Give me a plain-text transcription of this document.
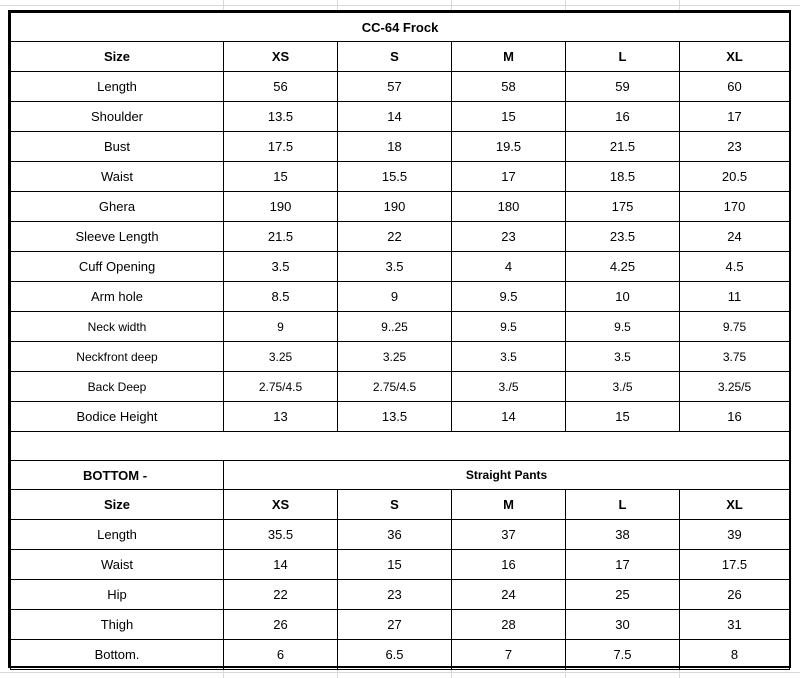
CC-64 Frock					
Size	XS	S	M	L	XL
Length	56	57	58	59	60
Shoulder	13.5	14	15	16	17
Bust	17.5	18	19.5	21.5	23
Waist	15	15.5	17	18.5	20.5
Ghera	190	190	180	175	170
Sleeve Length	21.5	22	23	23.5	24
Cuff Opening	3.5	3.5	4	4.25	4.5
Arm hole	8.5	9	9.5	10	11
Neck width	9	9..25	9.5	9.5	9.75
Neckfront deep	3.25	3.25	3.5	3.5	3.75
Back Deep	2.75/4.5	2.75/4.5	3./5	3./5	3.25/5
Bodice Height	13	13.5	14	15	16

BOTTOM -	Straight Pants				
Size	XS	S	M	L	XL
Length	35.5	36	37	38	39
Waist	14	15	16	17	17.5
Hip	22	23	24	25	26
Thigh	26	27	28	30	31
Bottom.	6	6.5	7	7.5	8
